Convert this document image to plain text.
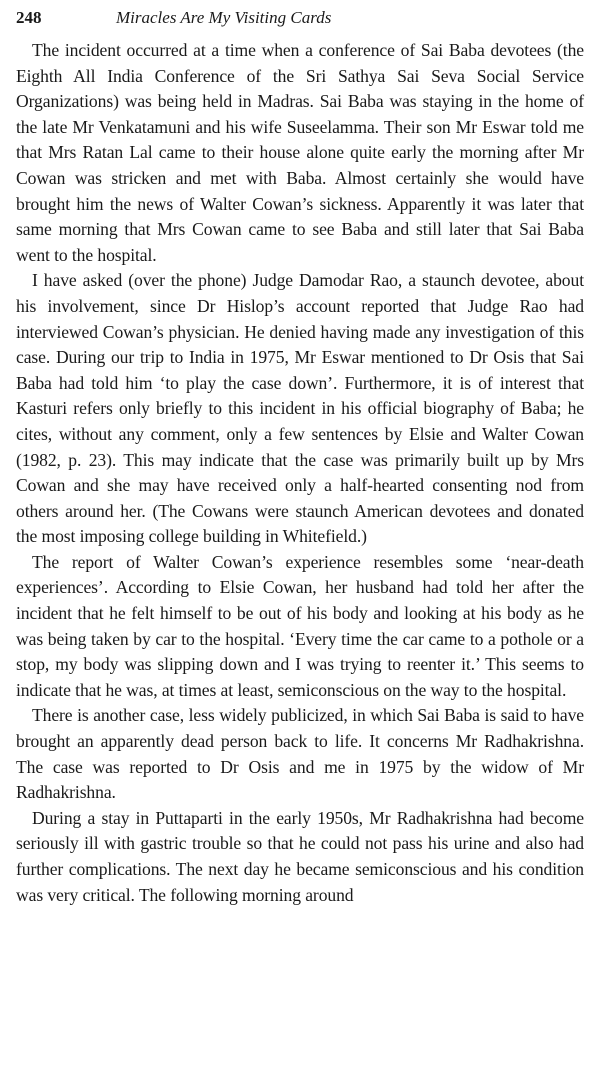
248	Miracles Are My Visiting Cards

The incident occurred at a time when a conference of Sai Baba devotees (the Eighth All India Conference of the Sri Sathya Sai Seva Social Service Organizations) was being held in Madras. Sai Baba was staying in the home of the late Mr Venkatamuni and his wife Suseelamma. Their son Mr Eswar told me that Mrs Ratan Lal came to their house alone quite early the morning after Mr Cowan was stricken and met with Baba. Almost certainly she would have brought him the news of Walter Cowan’s sickness. Apparently it was later that same morning that Mrs Cowan came to see Baba and still later that Sai Baba went to the hospital.

I have asked (over the phone) Judge Damodar Rao, a staunch devotee, about his involvement, since Dr Hislop’s account reported that Judge Rao had interviewed Cowan’s physician. He denied having made any investigation of this case. During our trip to India in 1975, Mr Eswar mentioned to Dr Osis that Sai Baba had told him ‘to play the case down’. Furthermore, it is of interest that Kasturi refers only briefly to this incident in his official biography of Baba; he cites, without any comment, only a few sentences by Elsie and Walter Cowan (1982, p. 23). This may indicate that the case was primarily built up by Mrs Cowan and she may have received only a half-hearted consenting nod from others around her. (The Cowans were staunch American devotees and donated the most imposing college building in Whitefield.)

The report of Walter Cowan’s experience resembles some ‘near-death experiences’. According to Elsie Cowan, her husband had told her after the incident that he felt himself to be out of his body and looking at his body as he was being taken by car to the hospital. ‘Every time the car came to a pothole or a stop, my body was slipping down and I was trying to reenter it.’ This seems to indicate that he was, at times at least, semiconscious on the way to the hospital.

There is another case, less widely publicized, in which Sai Baba is said to have brought an apparently dead person back to life. It concerns Mr Radhakrishna. The case was reported to Dr Osis and me in 1975 by the widow of Mr Radhakrishna.

During a stay in Puttaparti in the early 1950s, Mr Radhakrishna had become seriously ill with gastric trouble so that he could not pass his urine and also had further complications. The next day he became semiconscious and his condition was very critical. The following morning around
